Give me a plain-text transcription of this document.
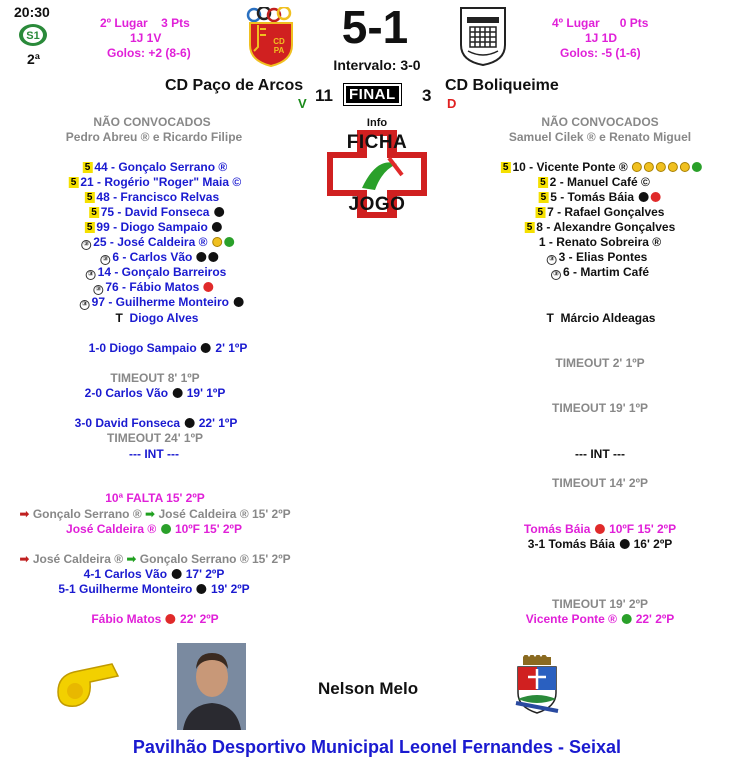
20:30
S1
2ª
2º Lugar 3 Pts
1J 1V
Golos: +2 (8-6)
CD
PA 5-1
Intervalo: 3-0
4º Lugar 0 Pts
1J 1D
Golos: -5 (1-6)
CD Paço de Arcos
V 11	FINAL 3
CD Boliqueime
D
Info
FICHA
JOGO
NÃO CONVOCADOS
Pedro Abreu ® e Ricardo Filipe
NÃO CONVOCADOS
Samuel Cilek ® e Renato Miguel
5 44 - Gonçalo Serrano ®
5 21 - Rogério "Roger" Maia ©
5 48 - Francisco Relvas
5 75 - David Fonseca
5 99 - Diogo Sampaio
③ 25 - José Caldeira ®
③ 6 - Carlos Vão
③ 14 - Gonçalo Barreiros
③ 76 - Fábio Matos
③ 97 - Guilherme Monteiro
T Diogo Alves
5 10 - Vicente Ponte ®
5 2 - Manuel Café ©
5 5 - Tomás Báia
5 7 - Rafael Gonçalves
5 8 - Alexandre Gonçalves
1 - Renato Sobreira ®
③ 3 - Elias Pontes
③ 6 - Martim Café
T Márcio Aldeagas
1-0 Diogo Sampaio 2' 1ºP
TIMEOUT 8' 1ºP
2-0 Carlos Vão 19' 1ºP
3-0 David Fonseca 22' 1ºP
TIMEOUT 24' 1ºP
--- INT ---
10ª FALTA 15' 2ºP
➡ Gonçalo Serrano ® ➡ José Caldeira ® 15' 2ºP
José Caldeira ® 10ºF 15' 2ºP
➡ José Caldeira ® ➡ Gonçalo Serrano ® 15' 2ºP
4-1 Carlos Vão 17' 2ºP
5-1 Guilherme Monteiro 19' 2ºP
Fábio Matos 22' 2ºP
TIMEOUT 2' 1ºP
TIMEOUT 19' 1ºP
--- INT ---
TIMEOUT 14' 2ºP
Tomás Báia 10ºF 15' 2ºP
3-1 Tomás Báia 16' 2ºP
TIMEOUT 19' 2ºP
Vicente Ponte ® 22' 2ºP
Nelson Melo
Pavilhão Desportivo Municipal Leonel Fernandes - Seixal
